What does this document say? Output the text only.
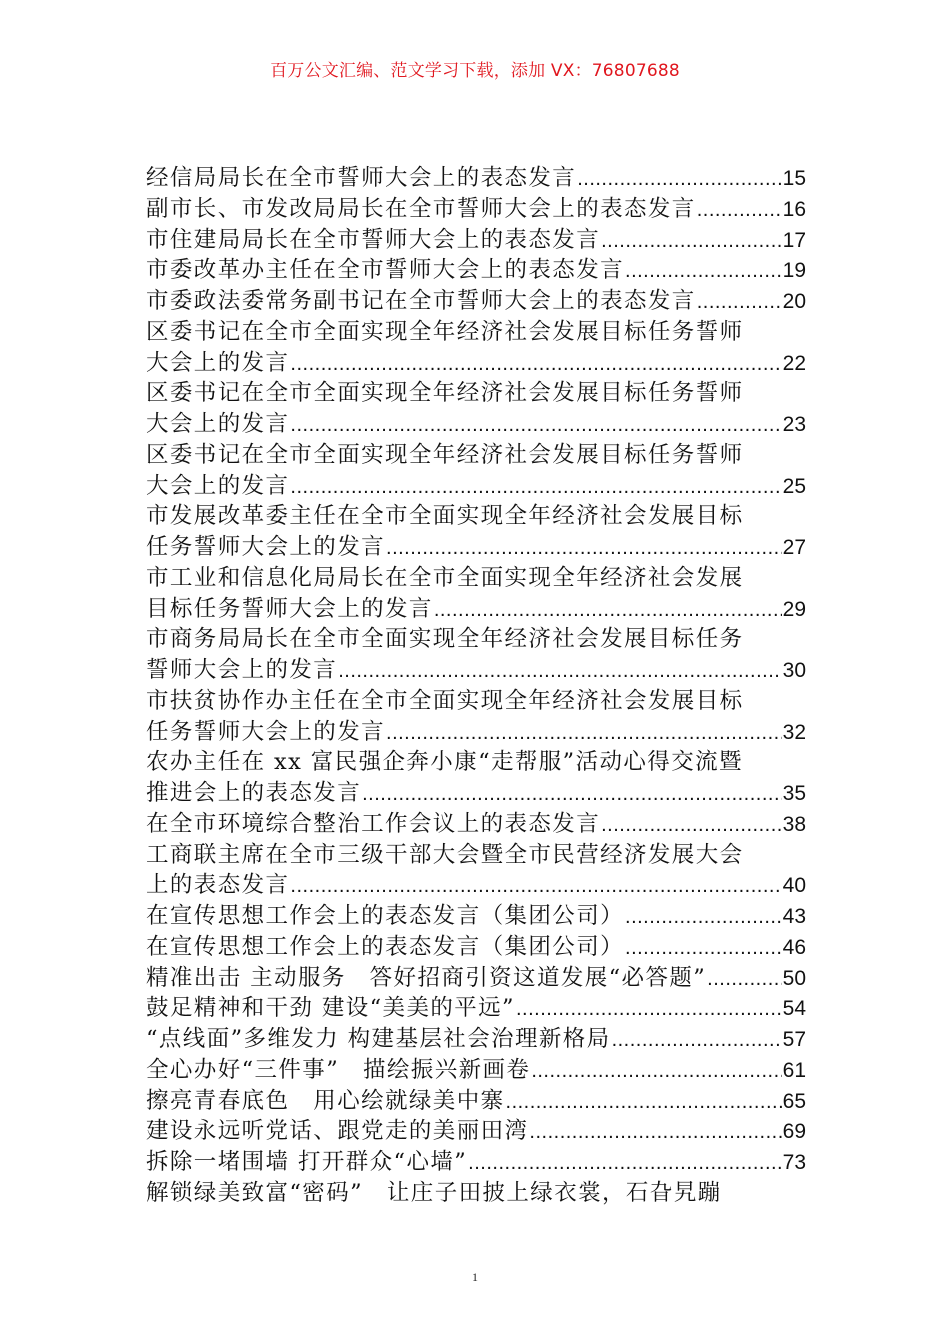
百万公文汇编、范文学习下载，添加 VX：76807688
经信局局长在全市誓师大会上的表态发言 .....	15
副市长、市发改局局长在全市誓师大会上的表态发言 .....	16
市住建局局长在全市誓师大会上的表态发言 .....	17
市委改革办主任在全市誓师大会上的表态发言 .....	19
市委政法委常务副书记在全市誓师大会上的表态发言 .....	20
区委书记在全市全面实现全年经济社会发展目标任务誓师
大会上的发言 .....	22
区委书记在全市全面实现全年经济社会发展目标任务誓师
大会上的发言 .....	23
区委书记在全市全面实现全年经济社会发展目标任务誓师
大会上的发言 .....	25
市发展改革委主任在全市全面实现全年经济社会发展目标
任务誓师大会上的发言 .....	27
市工业和信息化局局长在全市全面实现全年经济社会发展
目标任务誓师大会上的发言 .....	29
市商务局局长在全市全面实现全年经济社会发展目标任务
誓师大会上的发言 .....	30
市扶贫协作办主任在全市全面实现全年经济社会发展目标
任务誓师大会上的发言 .....	32
农办主任在 xx 富民强企奔小康“走帮服”活动心得交流暨
推进会上的表态发言 .....	35
在全市环境综合整治工作会议上的表态发言 .....	38
工商联主席在全市三级干部大会暨全市民营经济发展大会
上的表态发言 .....	40
在宣传思想工作会上的表态发言（集团公司） .....	43
在宣传思想工作会上的表态发言（集团公司） .....	46
精准出击 主动服务　答好招商引资这道发展“必答题” .....	50
鼓足精神和干劲 建设“美美的平远” .....	54
“点线面”多维发力 构建基层社会治理新格局 .....	57
全心办好“三件事”　描绘振兴新画卷 .....	61
擦亮青春底色　用心绘就绿美中寨 .....	65
建设永远听党话、跟党走的美丽田湾 .....	69
拆除一堵围墙 打开群众“心墙” .....	73
解锁绿美致富“密码”　让庄子田披上绿衣裳，石旮旯蹦
1
